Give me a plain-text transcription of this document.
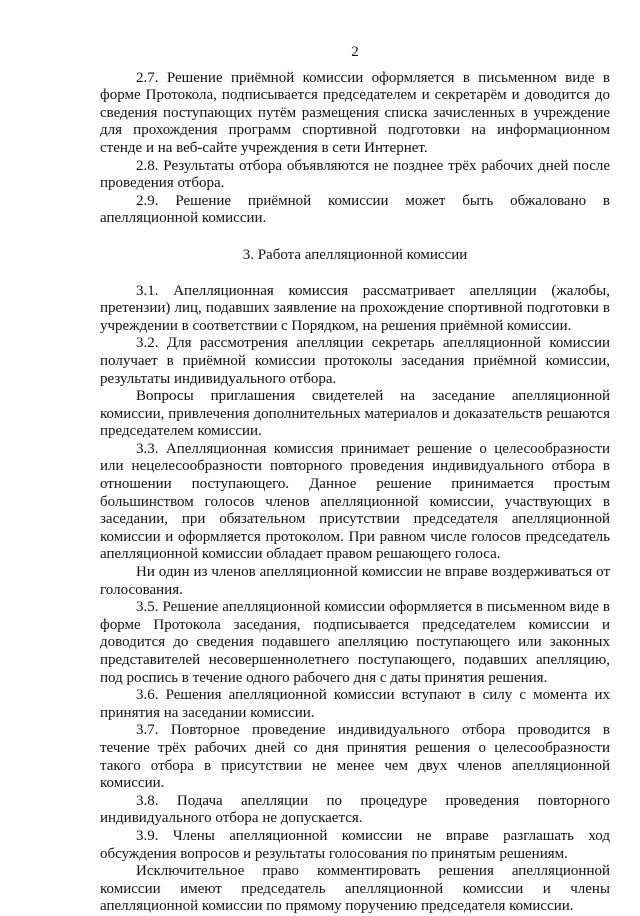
2

2.7. Решение приёмной комиссии оформляется в письменном виде в форме Протокола, подписывается председателем и секретарём и доводится до сведения поступающих путём размещения списка зачисленных в учреждение для прохождения программ спортивной подготовки на информационном стенде и на веб-сайте учреждения в сети Интернет.

2.8. Результаты отбора объявляются не позднее трёх рабочих дней после проведения отбора.

2.9. Решение приёмной комиссии может быть обжаловано в апелляционной комиссии.

3. Работа апелляционной комиссии

3.1. Апелляционная комиссия рассматривает апелляции (жалобы, претензии) лиц, подавших заявление на прохождение спортивной подготовки в учреждении в соответствии с Порядком, на решения приёмной комиссии.

3.2. Для рассмотрения апелляции секретарь апелляционной комиссии получает в приёмной комиссии протоколы заседания приёмной комиссии, результаты индивидуального отбора.

Вопросы приглашения свидетелей на заседание апелляционной комиссии, привлечения дополнительных материалов и доказательств решаются председателем комиссии.

3.3. Апелляционная комиссия принимает решение о целесообразности или нецелесообразности повторного проведения индивидуального отбора в отношении поступающего. Данное решение принимается простым большинством голосов членов апелляционной комиссии, участвующих в заседании, при обязательном присутствии председателя апелляционной комиссии и оформляется протоколом. При равном числе голосов председатель апелляционной комиссии обладает правом решающего голоса.

Ни один из членов апелляционной комиссии не вправе воздерживаться от голосования.

3.5. Решение апелляционной комиссии оформляется в письменном виде в форме Протокола заседания, подписывается председателем комиссии и доводится до сведения подавшего апелляцию поступающего или законных представителей несовершеннолетнего поступающего, подавших апелляцию, под роспись в течение одного рабочего дня с даты принятия решения.

3.6. Решения апелляционной комиссии вступают в силу с момента их принятия на заседании комиссии.

3.7. Повторное проведение индивидуального отбора проводится в течение трёх рабочих дней со дня принятия решения о целесообразности такого отбора в присутствии не менее чем двух членов апелляционной комиссии.

3.8. Подача апелляции по процедуре проведения повторного индивидуального отбора не допускается.

3.9. Члены апелляционной комиссии не вправе разглашать ход обсуждения вопросов и результаты голосования по принятым решениям.

Исключительное право комментировать решения апелляционной комиссии имеют председатель апелляционной комиссии и члены апелляционной комиссии по прямому поручению председателя комиссии.
